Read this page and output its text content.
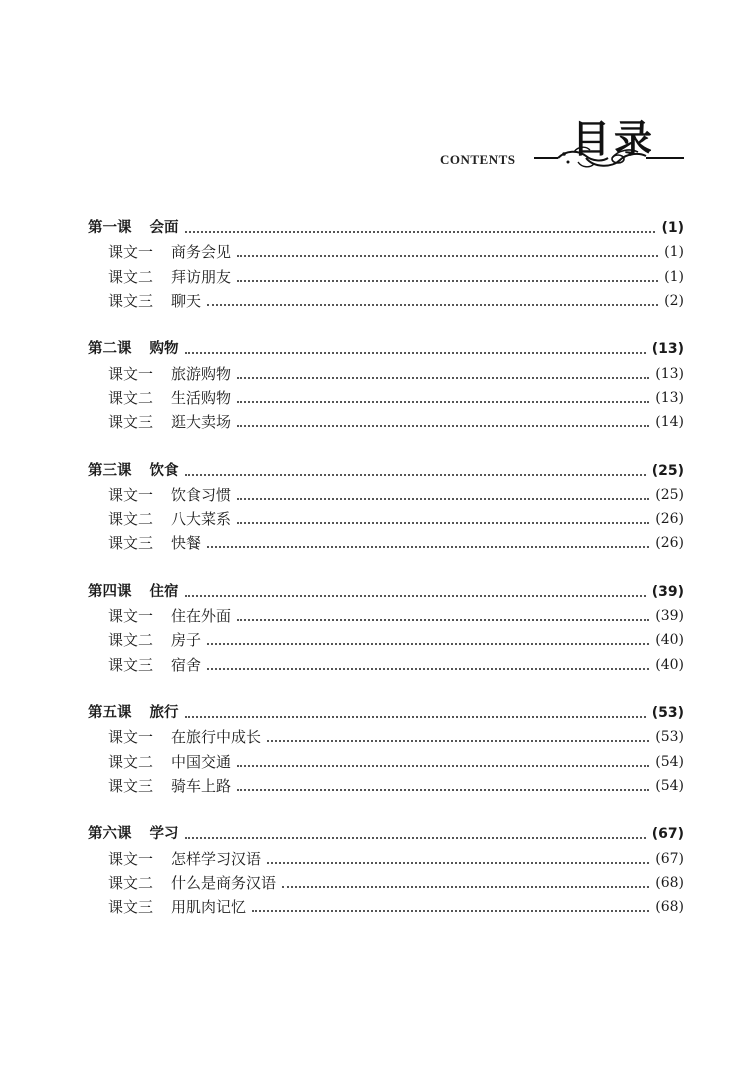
目录
CONTENTS
第一课 会面	(1)
课文一 商务会见	(1)
课文二 拜访朋友	(1)
课文三 聊天	(2)
第二课 购物	(13)
课文一 旅游购物	(13)
课文二 生活购物	(13)
课文三 逛大卖场	(14)
第三课 饮食	(25)
课文一 饮食习惯	(25)
课文二 八大菜系	(26)
课文三 快餐	(26)
第四课 住宿	(39)
课文一 住在外面	(39)
课文二 房子	(40)
课文三 宿舍	(40)
第五课 旅行	(53)
课文一 在旅行中成长	(53)
课文二 中国交通	(54)
课文三 骑车上路	(54)
第六课 学习	(67)
课文一 怎样学习汉语	(67)
课文二 什么是商务汉语	(68)
课文三 用肌肉记忆	(68)
